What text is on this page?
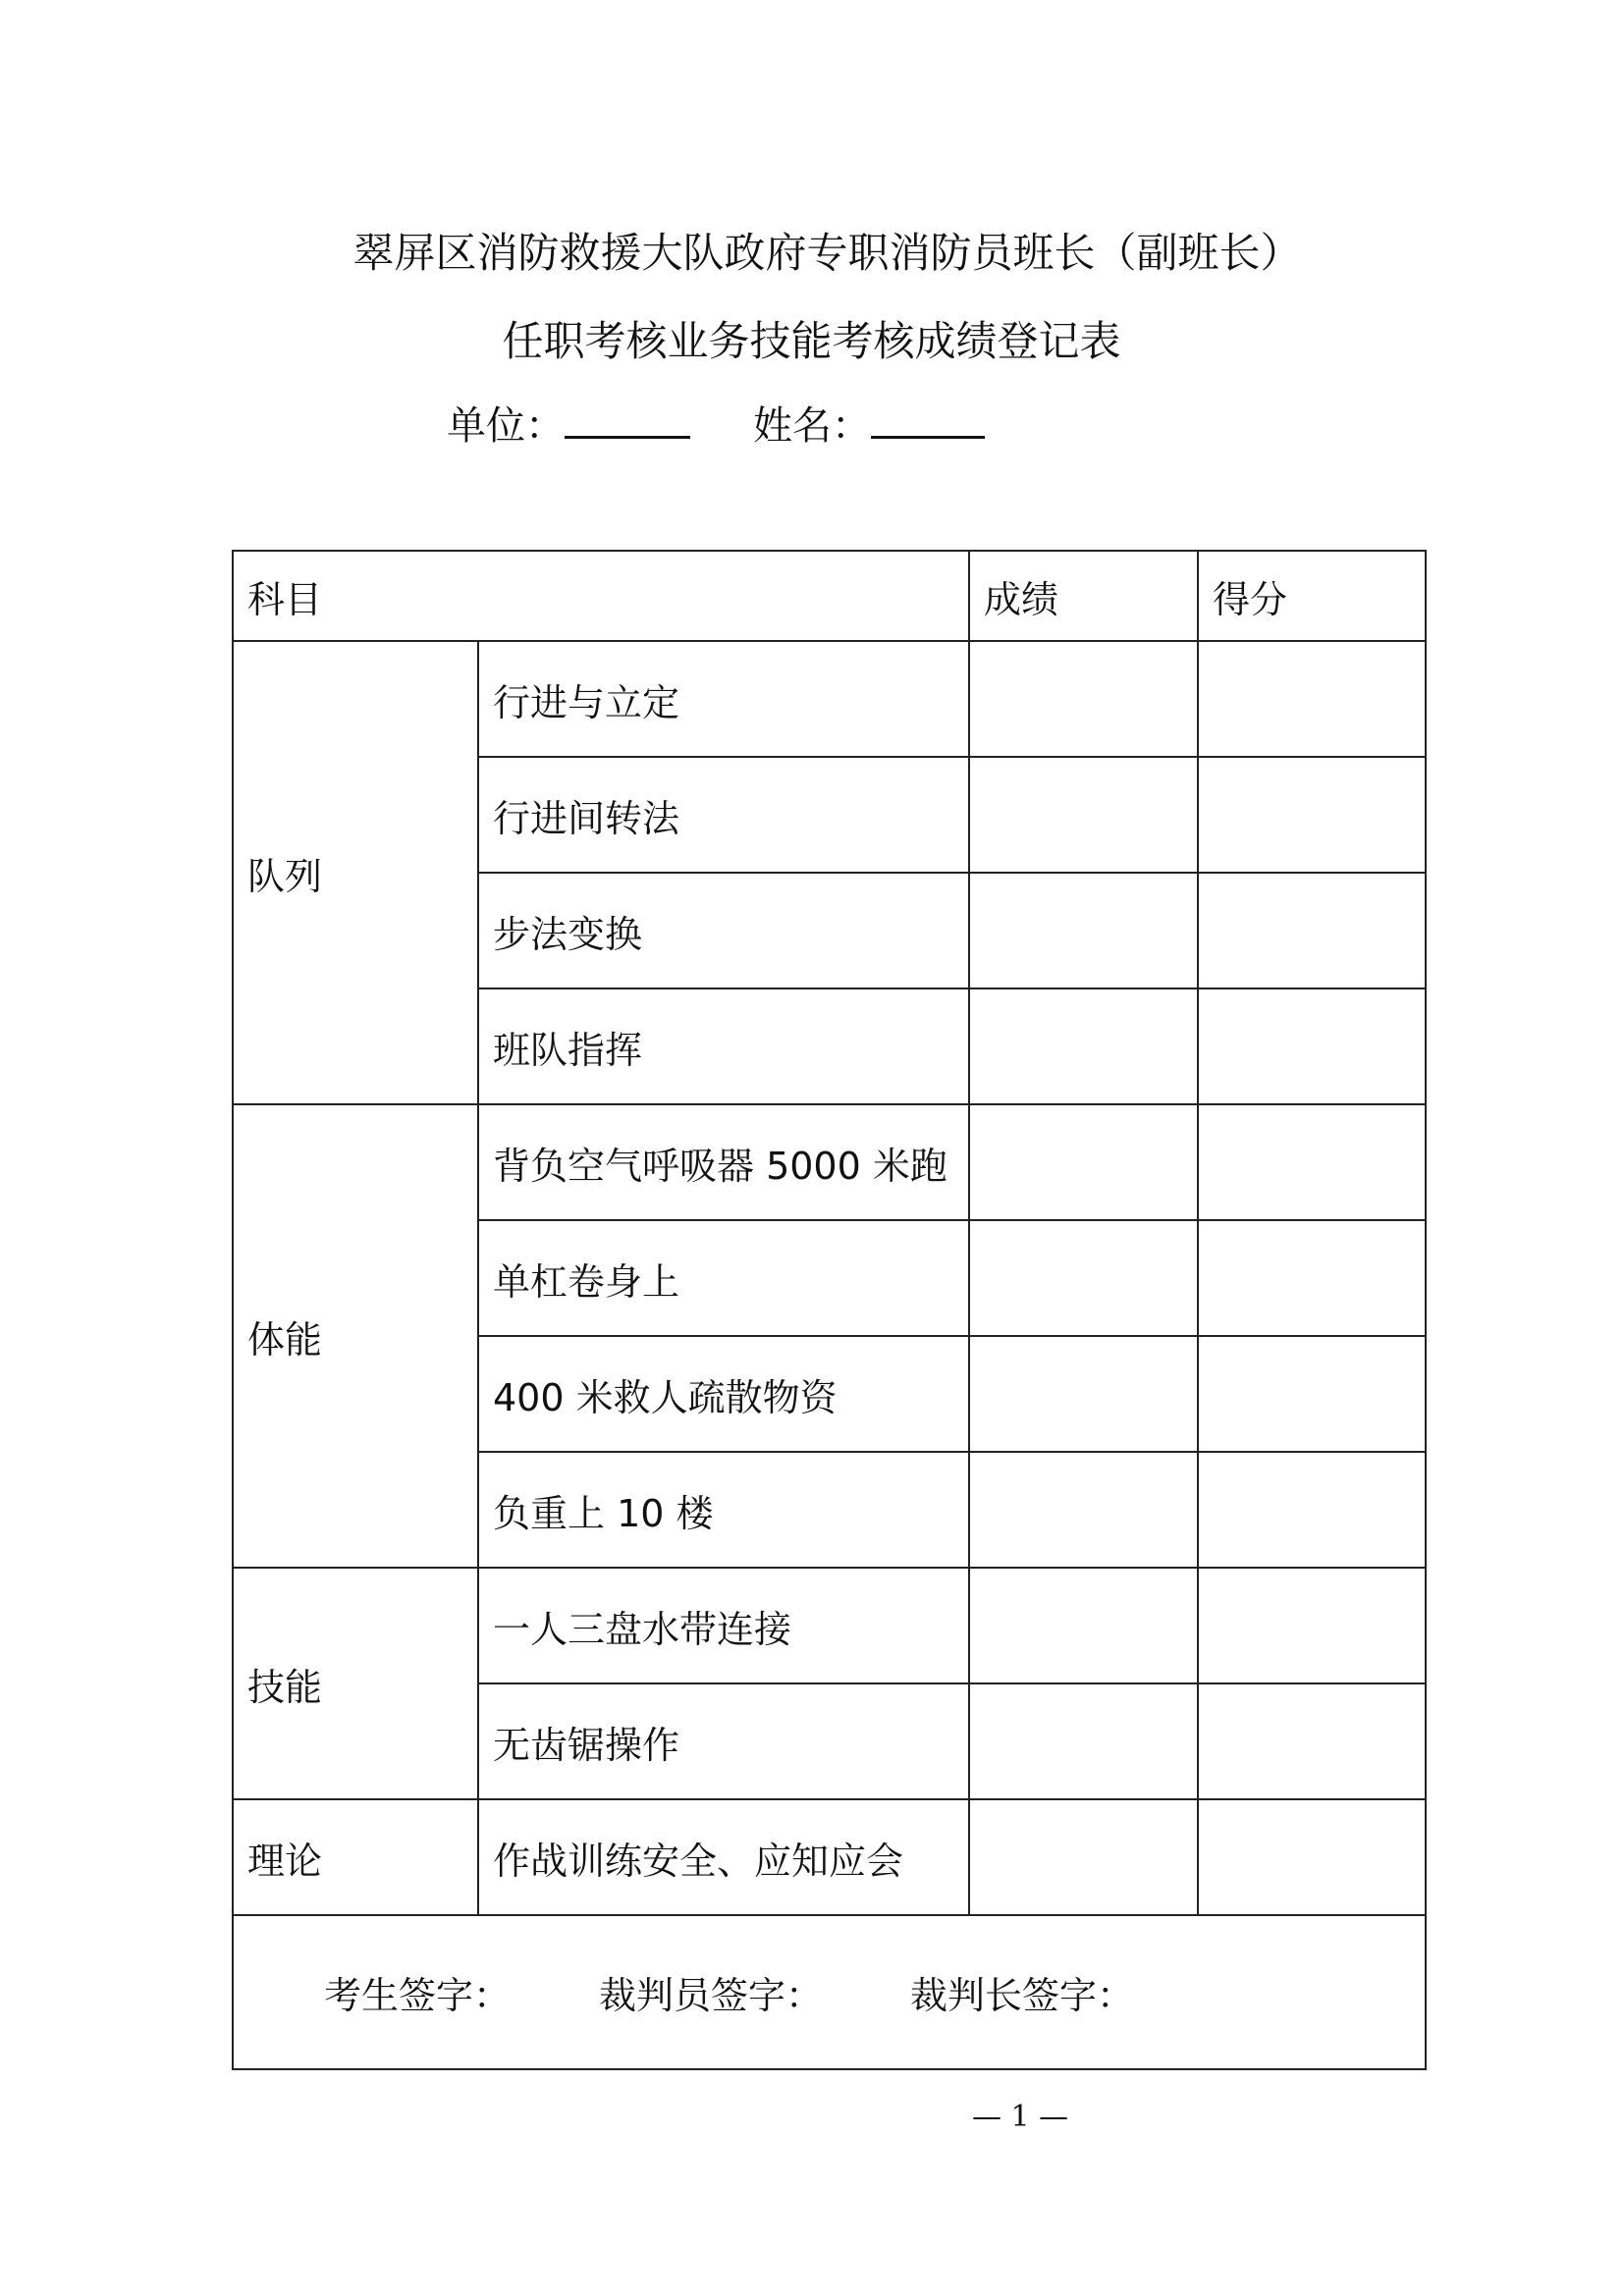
翠屏区消防救援大队政府专职消防员班长（副班长）
任职考核业务技能考核成绩登记表
单位：	姓名：
科目		成绩	得分
队列	行进与立定		
	行进间转法		
	步法变换		
	班队指挥		
体能	背负空气呼吸器 5000 米跑		
	单杠卷身上		
	400 米救人疏散物资		
	负重上 10 楼		
技能	一人三盘水带连接		
	无齿锯操作		
理论	作战训练安全、应知应会		
考生签字： 裁判员签字： 裁判长签字：			
— 1 —
